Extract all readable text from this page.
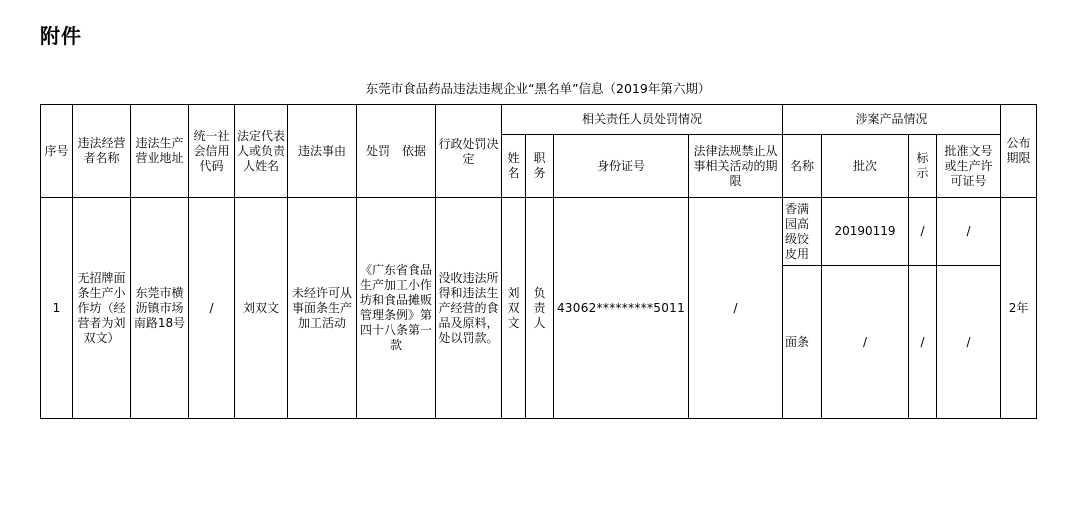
附件
东莞市食品药品违法违规企业“黑名单”信息（2019年第六期）
序号	违法经营者名称	违法生产营业地址	统一社会信用代码	法定代表人或负责人姓名	违法事由	处罚　依据	行政处罚决定	相关责任人员处罚情况				涉案产品情况				公布期限
								姓名	职务	身份证号	法律法规禁止从事相关活动的期限	名称	批次	标示	批准文号或生产许可证号	
1	无招牌面条生产小作坊（经营者为刘双文）	东莞市横沥镇市场南路18号	/	刘双文	未经许可从事面条生产加工活动	《广东省食品生产加工小作坊和食品摊贩管理条例》第四十八条第一款	没收违法所得和违法生产经营的食品及原料，处以罚款。	刘双文	负责人	43062*********5011	/	香满园高级饺皮用	20190119	/	/	2年
												面条	/	/	/	
